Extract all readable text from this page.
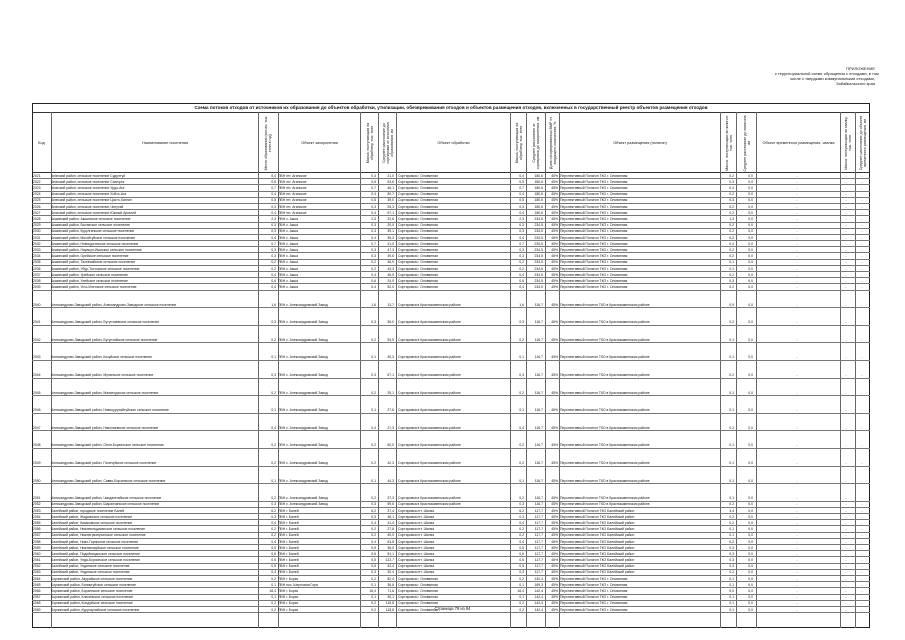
ПРИЛОЖЕНИЕ
к территориальной схеме обращения с отходами, в том
числе с твердыми коммунальными отходами,
Забайкальского края
Схема потоков отходов от источников их образования до объектов обработки, утилизации, обезвреживания отходов и объектов размещения отходов, включенных в государственный реестр объектов размещения отходов
Код	Наименование поселения	Место образования (кол-во, тыс. тонн в год)	Объект захоронения	Масса, поступающая на обработку, тыс. тонн Среднее расстояние до сортировки от источника образования, км	Объект обработки	Масса, поступающая на обработку, тыс. тонн	Среднее расстояние от сортировки до захоронения, км Доля отсортированных ВМР от входящего количества, %	Объект размещения (полигон)	Масса, поступающая на полигон, тыс. тонн	Среднее расстояние до полигона, км	Объект временного размещения, свалка	Масса, поступающая на свалку, тыс. тонн Среднее расстояние до объекта временного размещения, км
2021	Агинский район, сельское поселение Судунтуй	0,4 ПВН пгт. Агинское	0,4	21,0 Сортировка г. Оловянная	0,4	180,6	45% Перспективный Полигон ТКО г. Оловянная	0,2	0,0	-	-	-
2022	Агинский район, сельское поселение Сахюрта	0,5 ПВН пгт. Агинское	0,5	53,6 Сортировка г. Оловянная	0,5	180,6	45% Перспективный Полигон ТКО г. Оловянная	0,3	0,0	-	-	-
2023	Агинский район, сельское поселение Урдо-Ага	0,7 ПВН пгт. Агинское	0,7	46,1 Сортировка г. Оловянная	0,7	180,6	45% Перспективный Полигон ТКО г. Оловянная	0,4	0,0	-	-	-
2024	Агинский район, сельское поселение Хойто-Ага	0,4 ПВН пгт. Агинское	0,4	50,7 Сортировка г. Оловянная	0,4	180,6	45% Перспективный Полигон ТКО г. Оловянная	0,2	0,0	-	-	-
2025	Агинский район, сельское поселение Цокто-Хангил	0,5 ПВН пгт. Агинское	0,5	39,0 Сортировка г. Оловянная	0,5	180,6	45% Перспективный Полигон ТКО г. Оловянная	0,3	0,0	-	-	-
2026	Агинский район, сельское поселение Челутай	0,3 ПВН пгт. Агинское	0,3	25,3 Сортировка г. Оловянная	0,3	180,6	45% Перспективный Полигон ТКО г. Оловянная	0,2	0,0	-	-	-
2027	Агинский район, сельское поселение Южный Аргалей	0,4 ПВН пгт. Агинское	0,4	57,1 Сортировка г. Оловянная	0,4	180,6	45% Перспективный Полигон ТКО г. Оловянная	0,2	0,0	-	-	-
2028	Акшинский район, Акшинское сельское поселение	2,3 ПВН с. Акша	2,3	22,6 Сортировка г. Оловянная	2,3	234,5	45% Перспективный Полигон ТКО г. Оловянная	1,3	0,0	-	-	-
2029	Акшинский район, Бытэвское сельское поселение	0,3 ПВН с. Акша	0,3	20,0 Сортировка г. Оловянная	0,3	234,5	45% Перспективный Полигон ТКО г. Оловянная	0,2	0,0	-	-	-
2030	Акшинский район, Курулгинское сельское поселение	0,3 ПВН с. Акша	0,3	39,1 Сортировка г. Оловянная	0,3	234,5	45% Перспективный Полигон ТКО г. Оловянная	0,2	0,0	-	-	-
2031	Акшинский район, Могойтуйское сельское поселение	0,4 ПВН с. Акша	0,4	35,3 Сортировка г. Оловянная	0,4	234,5	45% Перспективный Полигон ТКО г. Оловянная	0,2	0,0	-	-	-
2032	Акшинский район, Новокургинское сельское поселение	0,7 ПВН с. Акша	0,7	41,0 Сортировка г. Оловянная	0,7	234,5	45% Перспективный Полигон ТКО г. Оловянная	0,4	0,0	-	-	-
2033	Акшинский район, Нарасун-Ишиское сельское поселение	0,3 ПВН с. Акша	0,3	47,3 Сортировка г. Оловянная	0,3	234,5	45% Перспективный Полигон ТКО г. Оловянная	0,2	0,0	-	-	-
2034	Акшинский район, Орейское сельское поселение	0,3 ПВН с. Акша	0,3	49,6 Сортировка г. Оловянная	0,3	234,5	45% Перспективный Полигон ТКО г. Оловянная	0,2	0,0	-	-	-
2035	Акшинский район, Тахтамайское сельское поселение	0,2 ПВН с. Акша	0,2	46,9 Сортировка г. Оловянная	0,2	234,5	45% Перспективный Полигон ТКО г. Оловянная	0,1	0,0	-	-	-
2036	Акшинский район, Убур-Тохторское сельское поселение	0,2 ПВН с. Акша	0,2	43,3 Сортировка г. Оловянная	0,2	234,5	45% Перспективный Полигон ТКО г. Оловянная	0,1	0,0	-	-	-
2037	Акшинский район, Урейское сельское поселение	0,4 ПВН с. Акша	0,4	46,9 Сортировка г. Оловянная	0,4	234,5	45% Перспективный Полигон ТКО г. Оловянная	0,2	0,0	-	-	-
2038	Акшинский район, Улейское сельское поселение	0,6 ПВН с. Акша	0,6	24,0 Сортировка г. Оловянная	0,6	234,5	45% Перспективный Полигон ТКО г. Оловянная	0,3	0,0	-	-	-
2039	Акшинский район, Усть-Иленское сельское поселение	0,4 ПВН с. Акша	0,4	52,0 Сортировка г. Оловянная	0,4	234,5	45% Перспективный Полигон ТКО г. Оловянная	0,2	0,0	-	-	-
2040	Александрово-Заводский район, Александрово-Заводское сельское поселение	1,6 ПВН с. Александровский Завод	1,6	13,7 Сортировка в Краснокаменском районе	1,6	116,7	45% Перспективный полигон ТКО в Краснокаменском районе	0,9	0,0	-	-	-
2041	Александрово-Заводский район, Бутунтаевское сельское поселение	0,3 ПВН с. Александровский Завод	0,3	36,0 Сортировка в Краснокаменском районе	0,3	116,7	45% Перспективный полигон ТКО в Краснокаменском районе	0,2	0,0	-	-	-
2042	Александрово-Заводский район, Бутунтайское сельское поселение	0,2 ПВН с. Александровский Завод	0,2	53,5 Сортировка в Краснокаменском районе	0,2	116,7	45% Перспективный полигон ТКО в Краснокаменском районе	0,1	0,0	-	-	-
2043	Александрово-Заводский район, Кокуйское сельское поселение	0,1 ПВН с. Александровский Завод	0,1	40,3 Сортировка в Краснокаменском районе	0,1	116,7	45% Перспективный полигон ТКО в Краснокаменском районе	0,1	0,0	-	-	-
2044	Александрово-Заводский район, Мулинское сельское поселение	0,3 ПВН с. Александровский Завод	0,3	67,1 Сортировка в Краснокаменском районе	0,3	116,7	45% Перспективный полигон ТКО в Краснокаменском районе	0,2	0,0	-	-	-
2045	Александрово-Заводский район, Манкечурское сельское поселение	0,2 ПВН с. Александровский Завод	0,2	25,1 Сортировка в Краснокаменском районе	0,2	116,7	45% Перспективный полигон ТКО в Краснокаменском районе	0,1	0,0	-	-	-
2046	Александрово-Заводский район, Новоцурухайтуйское сельское поселение	0,1 ПВН с. Александровский Завод	0,1	27,6 Сортировка в Краснокаменском районе	0,1	116,7	45% Перспективный полигон ТКО в Краснокаменском районе	0,1	0,0	-	-	-
2047	Александрово-Заводский район, Николаевское сельское поселение	0,4 ПВН с. Александровский Завод	0,4	27,3 Сортировка в Краснокаменском районе	0,4	116,7	45% Перспективный полигон ТКО в Краснокаменском районе	0,2	0,0	-	-	-
2048	Александрово-Заводский район, Онон-Борзинское сельское поселение	0,2 ПВН с. Александровский Завод	0,2	60,0 Сортировка в Краснокаменском районе	0,2	116,7	45% Перспективный полигон ТКО в Краснокаменском районе	0,1	0,0	-	-	-
2049	Александрово-Заводский район, Почечуйское сельское поселение	0,2 ПВН с. Александровский Завод	0,2	42,3 Сортировка в Краснокаменском районе	0,2	116,7	45% Перспективный полигон ТКО в Краснокаменском районе	0,1	0,0	-	-	-
2050	Александрово-Заводский район, Савво-Борзинское сельское поселение	0,1 ПВН с. Александровский Завод	0,1	44,3 Сортировка в Краснокаменском районе	0,1	116,7	45% Перспективный полигон ТКО в Краснокаменском районе	0,1	0,0	-	-	-
2051	Александрово-Заводский район, Чиндагатайское сельское поселение	0,2 ПВН с. Александровский Завод	0,2	37,3 Сортировка в Краснокаменском районе	0,2	116,7	45% Перспективный полигон ТКО в Краснокаменском районе	0,1	0,0	-	-	-
2052	Александрово-Заводский район, Шаранчинское сельское поселение	0,3 ПВН с. Александровский Завод	0,3	59,6 Сортировка в Краснокаменском районе	0,3	116,7	45% Перспективный полигон ТКО в Краснокаменском районе	0,2	0,0	-	-	-
2053	Балейский район, городское поселение Балей	6,2 ПВН г. Балей	6,2	37,4 Сортировка пгт. Шилка	6,2	117,7	45% Перспективный Полигон ТКО Балейский район	3,4	0,0	-	-	-
2054	Балейский район, Жидкинское сельское поселение	0,3 ПВН г. Балей	0,3	48,1 Сортировка пгт. Шилка	0,3	117,7	45% Перспективный Полигон ТКО Балейский район	0,2	0,0	-	-	-
2055	Балейский район, Казаковское сельское поселение	0,4 ПВН г. Балей	0,4	41,4 Сортировка пгт. Шилка	0,4	117,7	45% Перспективный Полигон ТКО Балейский район	0,2	0,0	-	-	-
2056	Балейский район, Нижнеильдиканское сельское поселение	0,2 ПВН г. Балей	0,2	27,8 Сортировка пгт. Шилка	0,2	117,7	45% Перспективный Полигон ТКО Балейский район	0,1	0,0	-	-	-
2057	Балейский район, Нижнегрязнухинское сельское поселение	0,2 ПВН г. Балей	0,2	49,0 Сортировка пгт. Шилка	0,2	117,7	45% Перспективный Полигон ТКО Балейский район	0,1	0,0	-	-	-
2058	Балейский район, Ново-Гаринское сельское поселение	0,4 ПВН г. Балей	0,4	63,5 Сортировка пгт. Шилка	0,4	117,7	45% Перспективный Полигон ТКО Балейский район	0,2	0,0	-	-	-
2059	Балейский район, Нижнекокуйское сельское поселение	0,5 ПВН г. Балей	0,5	36,0 Сортировка пгт. Шилка	0,5	117,7	45% Перспективный Полигон ТКО Балейский район	0,3	0,0	-	-	-
2060	Балейский район, Подойницынское сельское поселение	0,6 ПВН г. Балей	0,6	51,1 Сортировка пгт. Шилка	0,6	117,7	45% Перспективный Полигон ТКО Балейский район	0,3	0,0	-	-	-
2061	Балейский район, Унда-Борзинское сельское поселение	0,5 ПВН г. Балей	0,5	122,7 Сортировка пгт. Шилка	0,5	117,7	45% Перспективный Полигон ТКО Балейский район	0,3	0,0	-	-	-
2062	Балейский район, Унданское сельское поселение	0,5 ПВН г. Балей	0,5	42,4 Сортировка пгт. Шилка	0,5	117,7	45% Перспективный Полигон ТКО Балейский район	0,3	0,0	-	-	-
2063	Балейский район, Ундинское сельское поселение	0,3 ПВН г. Балей	0,3	30,4 Сортировка пгт. Шилка	0,3	117,7	45% Перспективный Полигон ТКО Балейский район	0,2	0,0	-	-	-
2064	Борзинский район, Акурайское сельское поселение	0,2 ПВН г. Борзя	0,2	82,4 Сортировка г. Оловянная	0,2	142,4	45% Перспективный Полигон ТКО г. Оловянная	0,1	0,0	-	-	-
2065	Борзинский район, Биликтуйское сельское поселение	0,1 ПВН пос. Шерловая Гора	0,1	36,8 Сортировка г. Оловянная	0,1	169,3	45% Перспективный Полигон ТКО г. Оловянная	0,1	0,0	-	-	-
2066	Борзинский район, Борзинское сельское поселение	16,4 ПВН г. Борзя	16,4	71,6 Сортировка г. Оловянная	16,4	142,4	45% Перспективный Полигон ТКО г. Оловянная	9,0	0,0	-	-	-
2067	Борзинский район, Ключевское сельское поселение	0,1 ПВН г. Борзя	0,1	30,1 Сортировка г. Оловянная	0,1	142,4	45% Перспективный Полигон ТКО г. Оловянная	0,1	0,0	-	-	-
2068	Борзинский район, Кондуйское сельское поселение	0,2 ПВН г. Борзя	0,2	115,8 Сортировка г. Оловянная	0,2	142,4	45% Перспективный Полигон ТКО г. Оловянная	0,1	0,0	-	-	-
2069	Борзинский район, Курунзулайское сельское поселение	0,2 ПВН г. Борзя	0,2	118,8 Сортировка г. Оловянная	0,2	142,4	45% Перспективный Полигон ТКО г. Оловянная	0,1	0,0	-	-	-
Страница 78 из 94
